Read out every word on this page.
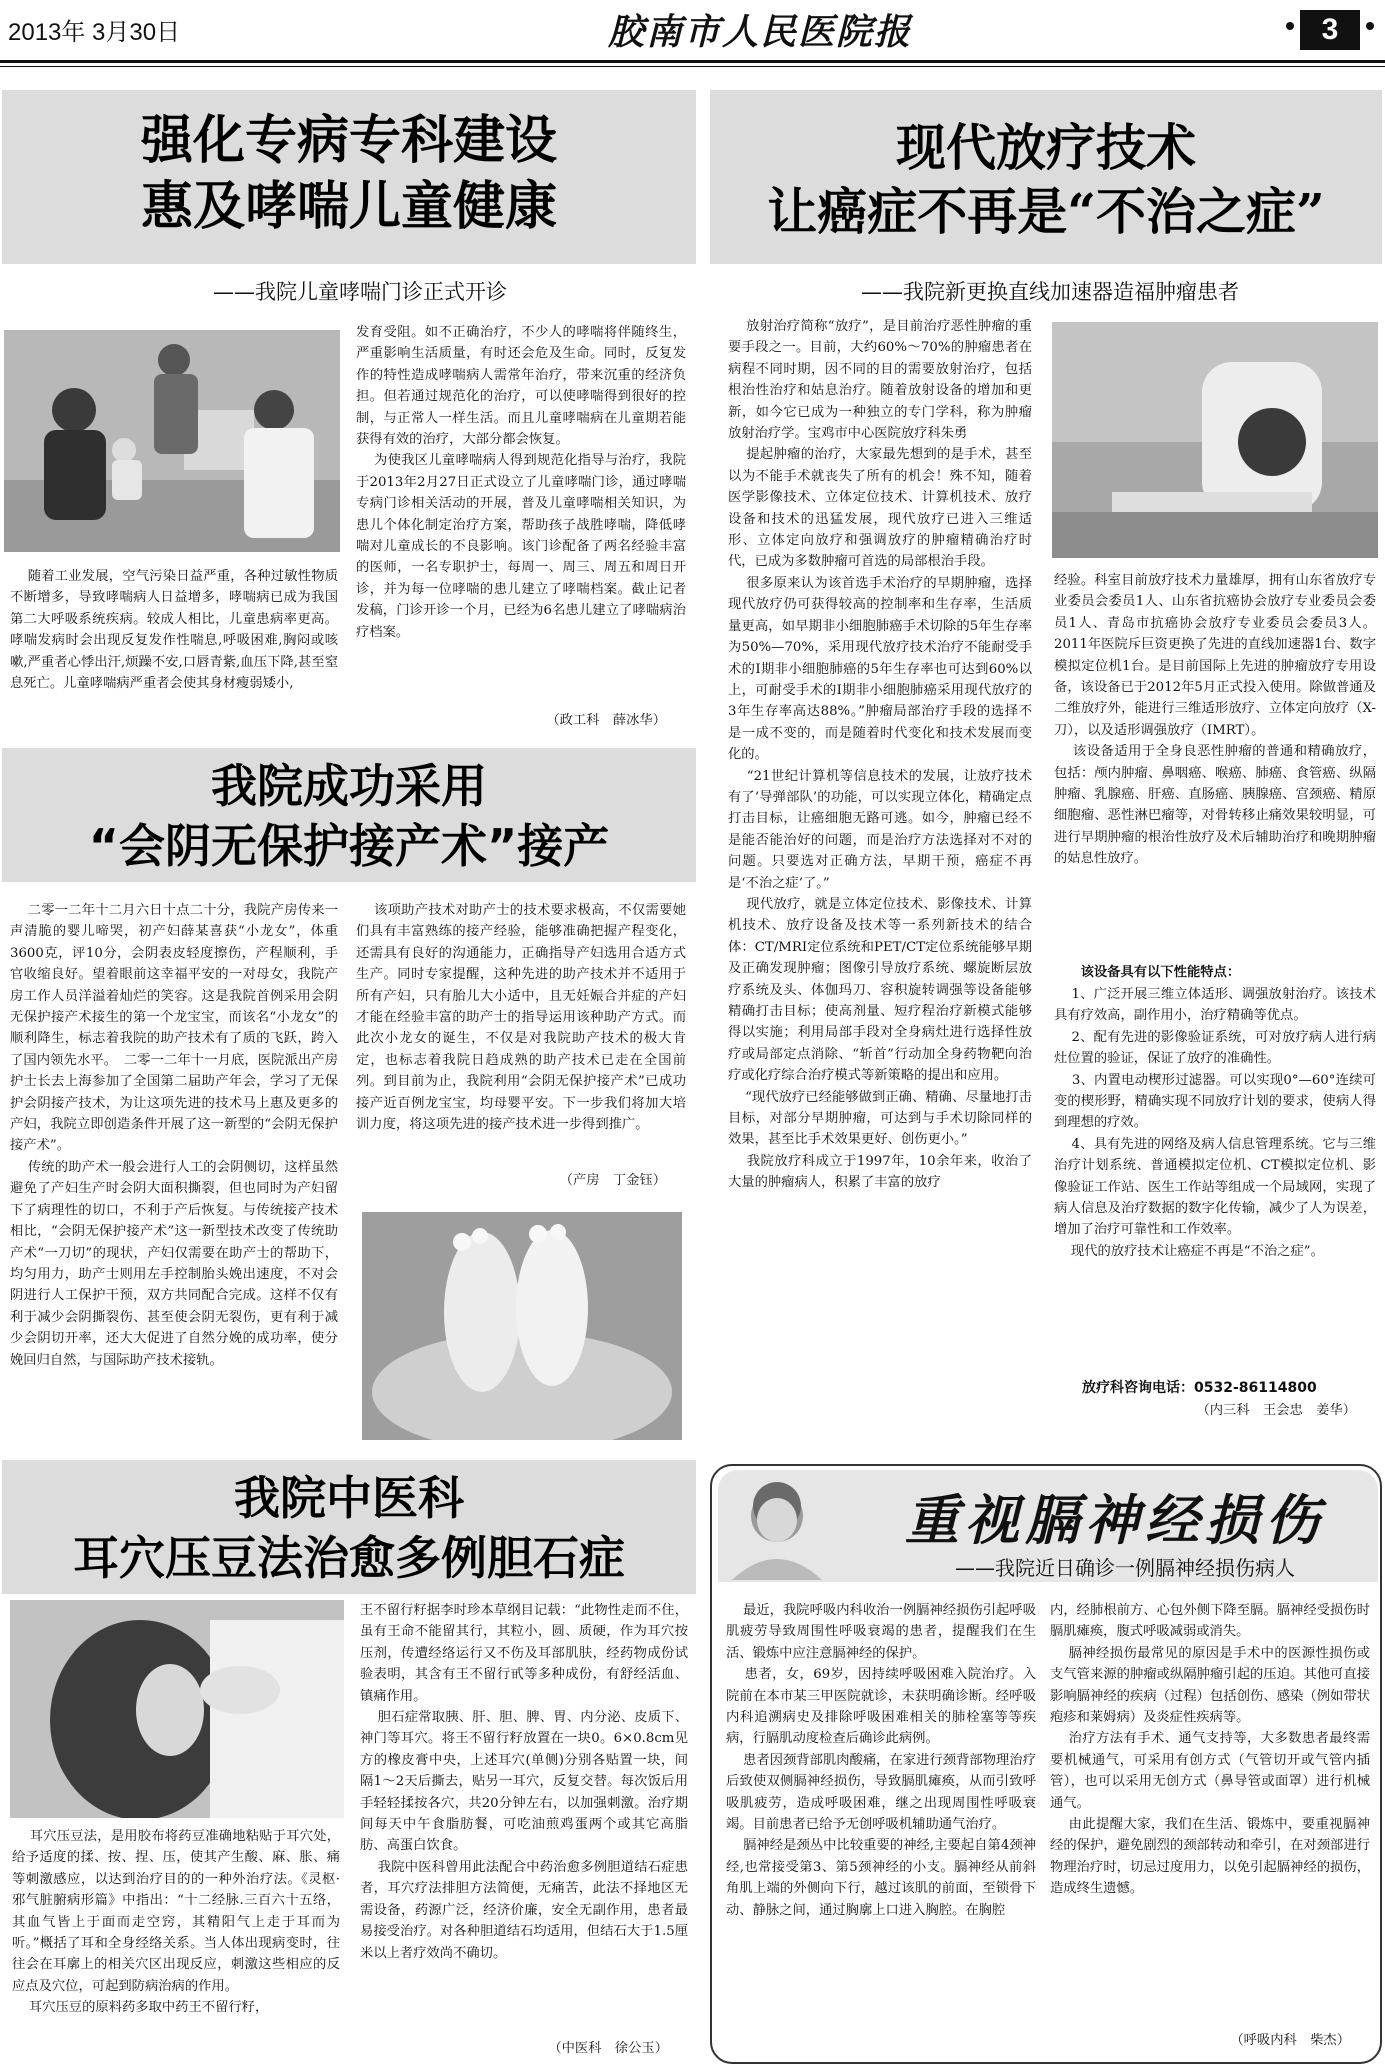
2013年 3月30日	胶南市人民医院报	3
强化专病专科建设
惠及哮喘儿童健康
——我院儿童哮喘门诊正式开诊
随着工业发展，空气污染日益严重，各种过敏性物质不断增多，导致哮喘病人日益增多，哮喘病已成为我国第二大呼吸系统疾病。较成人相比，儿童患病率更高。哮喘发病时会出现反复发作性喘息,呼吸困难,胸闷或咳嗽,严重者心悸出汗,烦躁不安,口唇青紫,血压下降,甚至窒息死亡。儿童哮喘病严重者会使其身材瘦弱矮小,
发育受阻。如不正确治疗，不少人的哮喘将伴随终生，严重影响生活质量，有时还会危及生命。同时，反复发作的特性造成哮喘病人需常年治疗，带来沉重的经济负担。但若通过规范化的治疗，可以使哮喘得到很好的控制，与正常人一样生活。而且儿童哮喘病在儿童期若能获得有效的治疗，大部分都会恢复。
为使我区儿童哮喘病人得到规范化指导与治疗，我院于2013年2月27日正式设立了儿童哮喘门诊，通过哮喘专病门诊相关活动的开展，普及儿童哮喘相关知识，为患儿个体化制定治疗方案，帮助孩子战胜哮喘，降低哮喘对儿童成长的不良影响。该门诊配备了两名经验丰富的医师，一名专职护士，每周一、周三、周五和周日开诊，并为每一位哮喘的患儿建立了哮喘档案。截止记者发稿，门诊开诊一个月，已经为6名患儿建立了哮喘病治疗档案。
（政工科　薛冰华）
我院成功采用
“会阴无保护接产术”接产
二零一二年十二月六日十点二十分，我院产房传来一声清脆的婴儿啼哭，初产妇薛某喜获“小龙女”，体重3600克，评10分，会阴表皮轻度擦伤，产程顺利，手官收缩良好。望着眼前这幸福平安的一对母女，我院产房工作人员洋溢着灿烂的笑容。这是我院首例采用会阴无保护接产术接生的第一个龙宝宝，而该名“小龙女”的顺利降生，标志着我院的助产技术有了质的飞跃，跨入了国内领先水平。　二零一二年十一月底，医院派出产房护士长去上海参加了全国第二届助产年会，学习了无保护会阴接产技术，为让这项先进的技术马上惠及更多的产妇，我院立即创造条件开展了这一新型的“会阴无保护接产术”。
传统的助产术一般会进行人工的会阴侧切，这样虽然避免了产妇生产时会阴大面积撕裂，但也同时为产妇留下了病理性的切口，不利于产后恢复。与传统接产技术相比，“会阴无保护接产术”这一新型技术改变了传统助产术“一刀切”的现状，产妇仅需要在助产士的帮助下，均匀用力，助产士则用左手控制胎头娩出速度，不对会阴进行人工保护干预，双方共同配合完成。这样不仅有利于减少会阴撕裂伤、甚至使会阴无裂伤，更有利于减少会阴切开率，还大大促进了自然分娩的成功率，使分娩回归自然，与国际助产技术接轨。
该项助产技术对助产士的技术要求极高，不仅需要她们具有丰富熟练的接产经验，能够准确把握产程变化，还需具有良好的沟通能力，正确指导产妇选用合适方式生产。同时专家提醒，这种先进的助产技术并不适用于所有产妇，只有胎儿大小适中，且无妊娠合并症的产妇才能在经验丰富的助产士的指导运用该种助产方式。而此次小龙女的诞生，不仅是对我院助产技术的极大肯定，也标志着我院日趋成熟的助产技术已走在全国前列。到目前为止，我院利用“会阴无保护接产术”已成功接产近百例龙宝宝，均母婴平安。下一步我们将加大培训力度，将这项先进的接产技术进一步得到推广。
（产房　丁金钰）
现代放疗技术
让癌症不再是“不治之症”
——我院新更换直线加速器造福肿瘤患者
放射治疗简称“放疗”，是目前治疗恶性肿瘤的重要手段之一。目前，大约60%～70%的肿瘤患者在病程不同时期，因不同的目的需要放射治疗，包括根治性治疗和姑息治疗。随着放射设备的增加和更新，如今它已成为一种独立的专门学科，称为肿瘤放射治疗学。宝鸡市中心医院放疗科朱勇
提起肿瘤的治疗，大家最先想到的是手术，甚至以为不能手术就丧失了所有的机会！殊不知，随着医学影像技术、立体定位技术、计算机技术、放疗设备和技术的迅猛发展，现代放疗已进入三维适形、立体定向放疗和强调放疗的肿瘤精确治疗时代，已成为多数肿瘤可首选的局部根治手段。
很多原来认为该首选手术治疗的早期肿瘤，选择现代放疗仍可获得较高的控制率和生存率，生活质量更高，如早期非小细胞肺癌手术切除的5年生存率为50%—70%，采用现代放疗技术治疗不能耐受手术的Ⅰ期非小细胞肺癌的5年生存率也可达到60%以上，可耐受手术的Ⅰ期非小细胞肺癌采用现代放疗的3年生存率高达88%。”肿瘤局部治疗手段的选择不是一成不变的，而是随着时代变化和技术发展而变化的。
“21世纪计算机等信息技术的发展，让放疗技术有了‘导弹部队’的功能，可以实现立体化，精确定点打击目标，让癌细胞无路可逃。如今，肿瘤已经不是能否能治好的问题，而是治疗方法选择对不对的问题。只要选对正确方法，早期干预，癌症不再是‘不治之症’了。”
现代放疗，就是立体定位技术、影像技术、计算机技术、放疗设备及技术等一系列新技术的结合体：CT/MRI定位系统和PET/CT定位系统能够早期及正确发现肿瘤；图像引导放疗系统、螺旋断层放疗系统及头、体伽玛刀、容积旋转调强等设备能够精确打击目标；使高剂量、短疗程治疗新模式能够得以实施；利用局部手段对全身病灶进行选择性放疗或局部定点消除、“斩首”行动加全身药物靶向治疗或化疗综合治疗模式等新策略的提出和应用。
“现代放疗已经能够做到正确、精确、尽量地打击目标，对部分早期肿瘤，可达到与手术切除同样的效果，甚至比手术效果更好、创伤更小。”
我院放疗科成立于1997年，10余年来，收治了大量的肿瘤病人，积累了丰富的放疗
经验。科室目前放疗技术力量雄厚，拥有山东省放疗专业委员会委员1人、山东省抗癌协会放疗专业委员会委员1人、青岛市抗癌协会放疗专业委员会委员3人。2011年医院斥巨资更换了先进的直线加速器1台、数字模拟定位机1台。是目前国际上先进的肿瘤放疗专用设备，该设备已于2012年5月正式投入使用。除做普通及二维放疗外，能进行三维适形放疗、立体定向放疗（X-刀），以及适形调强放疗（IMRT）。
该设备适用于全身良恶性肿瘤的普通和精确放疗，包括：颅内肿瘤、鼻咽癌、喉癌、肺癌、食管癌、纵隔肿瘤、乳腺癌、肝癌、直肠癌、胰腺癌、宫颈癌、精原细胞瘤、恶性淋巴瘤等，对骨转移止痛效果较明显，可进行早期肿瘤的根治性放疗及术后辅助治疗和晚期肿瘤的姑息性放疗。
该设备具有以下性能特点：
1、广泛开展三维立体适形、调强放射治疗。该技术具有疗效高，副作用小，治疗精确等优点。
2、配有先进的影像验证系统，可对放疗病人进行病灶位置的验证，保证了放疗的准确性。
3、内置电动楔形过滤器。可以实现0°—60°连续可变的楔形野，精确实现不同放疗计划的要求，使病人得到理想的疗效。
4、具有先进的网络及病人信息管理系统。它与三维治疗计划系统、普通模拟定位机、CT模拟定位机、影像验证工作站、医生工作站等组成一个局域网，实现了病人信息及治疗数据的数字化传输，减少了人为误差，增加了治疗可靠性和工作效率。
现代的放疗技术让癌症不再是“不治之症”。
放疗科咨询电话：0532-86114800
（内三科　王会忠　姜华）
我院中医科
耳穴压豆法治愈多例胆石症
耳穴压豆法，是用胶布将药豆准确地粘贴于耳穴处，给予适度的揉、按、捏、压，使其产生酸、麻、胀、痛等刺激感应，以达到治疗目的的一种外治疗法。《灵枢·邪气脏腑病形篇》中指出：“十二经脉.三百六十五络，其血气皆上于面而走空窍，其精阳气上走于耳而为听。”概括了耳和全身经络关系。当人体出现病变时，往往会在耳廓上的相关穴区出现反应，刺激这些相应的反应点及穴位，可起到防病治病的作用。
耳穴压豆的原料药多取中药王不留行籽，
王不留行籽据李时珍本草纲目记载：“此物性走而不住，虽有王命不能留其行，其粒小，圆、质硬，作为耳穴按压剂，传遭经络运行又不伤及耳部肌肤，经药物成份试验表明，其含有王不留行甙等多种成份，有舒经活血、镇痛作用。
胆石症常取胰、肝、胆、脾、胃、内分泌、皮质下、神门等耳穴。将王不留行籽放置在一块0。6×0.8cm见方的橡皮膏中央，上述耳穴(单侧)分别各贴置一块，间隔1～2天后撕去，贴另一耳穴，反复交替。每次饭后用手轻轻揉按各穴，共20分钟左右，以加强刺激。治疗期间每天中午食脂肪餐，可吃油煎鸡蛋两个或其它高脂肪、高蛋白饮食。
我院中医科曾用此法配合中药治愈多例胆道结石症患者，耳穴疗法排胆方法简便，无痛苦，此法不择地区无需设备，药源广泛，经济价廉，安全无副作用，患者最易接受治疗。对各种胆道结石均适用，但结石大于1.5厘米以上者疗效尚不确切。
（中医科　徐公玉）
重视膈神经损伤
——我院近日确诊一例膈神经损伤病人
最近，我院呼吸内科收治一例膈神经损伤引起呼吸肌疲劳导致周围性呼吸衰竭的患者，提醒我们在生活、锻炼中应注意膈神经的保护。
患者，女，69岁，因持续呼吸困难入院治疗。入院前在本市某三甲医院就诊，未获明确诊断。经呼吸内科追溯病史及排除呼吸困难相关的肺栓塞等等疾病，行膈肌动度检查后确诊此病例。
患者因颈背部肌肉酸痛，在家进行颈背部物理治疗后致使双侧膈神经损伤，导致膈肌瘫痪，从而引致呼吸肌疲劳，造成呼吸困难，继之出现周围性呼吸衰竭。目前患者已给予无创呼吸机辅助通气治疗。
膈神经是颈丛中比较重要的神经,主要起自第4颈神经,也常接受第3、第5颈神经的小支。膈神经从前斜角肌上端的外侧向下行，越过该肌的前面，至锁骨下动、静脉之间，通过胸廓上口进入胸腔。在胸腔
内，经肺根前方、心包外侧下降至膈。膈神经受损伤时膈肌瘫痪，腹式呼吸减弱或消失。
膈神经损伤最常见的原因是手术中的医源性损伤或支气管来源的肿瘤或纵隔肿瘤引起的压迫。其他可直接影响膈神经的疾病（过程）包括创伤、感染（例如带状疱疹和莱姆病）及炎症性疾病等。
治疗方法有手术、通气支持等，大多数患者最终需要机械通气，可采用有创方式（气管切开或气管内插管），也可以采用无创方式（鼻导管或面罩）进行机械通气。
由此提醒大家，我们在生活、锻炼中，要重视膈神经的保护，避免剧烈的颈部转动和牵引，在对颈部进行物理治疗时，切忌过度用力，以免引起膈神经的损伤，造成终生遗憾。
（呼吸内科　柴杰）
